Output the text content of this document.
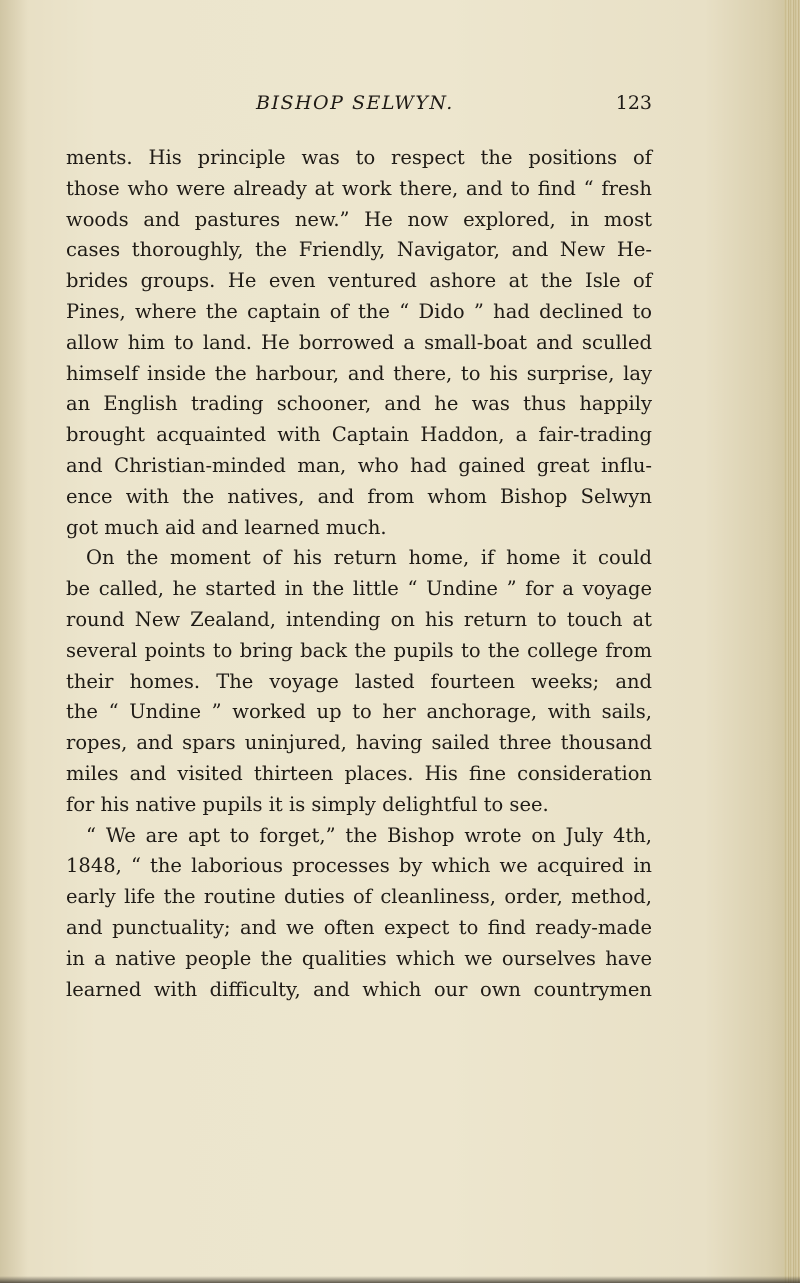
BISHOP SELWYN.	123
ments. His principle was to respect the positions of
those who were already at work there, and to find “ fresh
woods and pastures new.” He now explored, in most
cases thoroughly, the Friendly, Navigator, and New He-
brides groups. He even ventured ashore at the Isle of
Pines, where the captain of the “ Dido ” had declined to
allow him to land. He borrowed a small-boat and sculled
himself inside the harbour, and there, to his surprise, lay
an English trading schooner, and he was thus happily
brought acquainted with Captain Haddon, a fair-trading
and Christian-minded man, who had gained great influ-
ence with the natives, and from whom Bishop Selwyn
got much aid and learned much.
On the moment of his return home, if home it could
be called, he started in the little “ Undine ” for a voyage
round New Zealand, intending on his return to touch at
several points to bring back the pupils to the college from
their homes. The voyage lasted fourteen weeks; and
the “ Undine ” worked up to her anchorage, with sails,
ropes, and spars uninjured, having sailed three thousand
miles and visited thirteen places. His fine consideration
for his native pupils it is simply delightful to see.
“ We are apt to forget,” the Bishop wrote on July 4th,
1848, “ the laborious processes by which we acquired in
early life the routine duties of cleanliness, order, method,
and punctuality; and we often expect to find ready-made
in a native people the qualities which we ourselves have
learned with difficulty, and which our own countrymen
